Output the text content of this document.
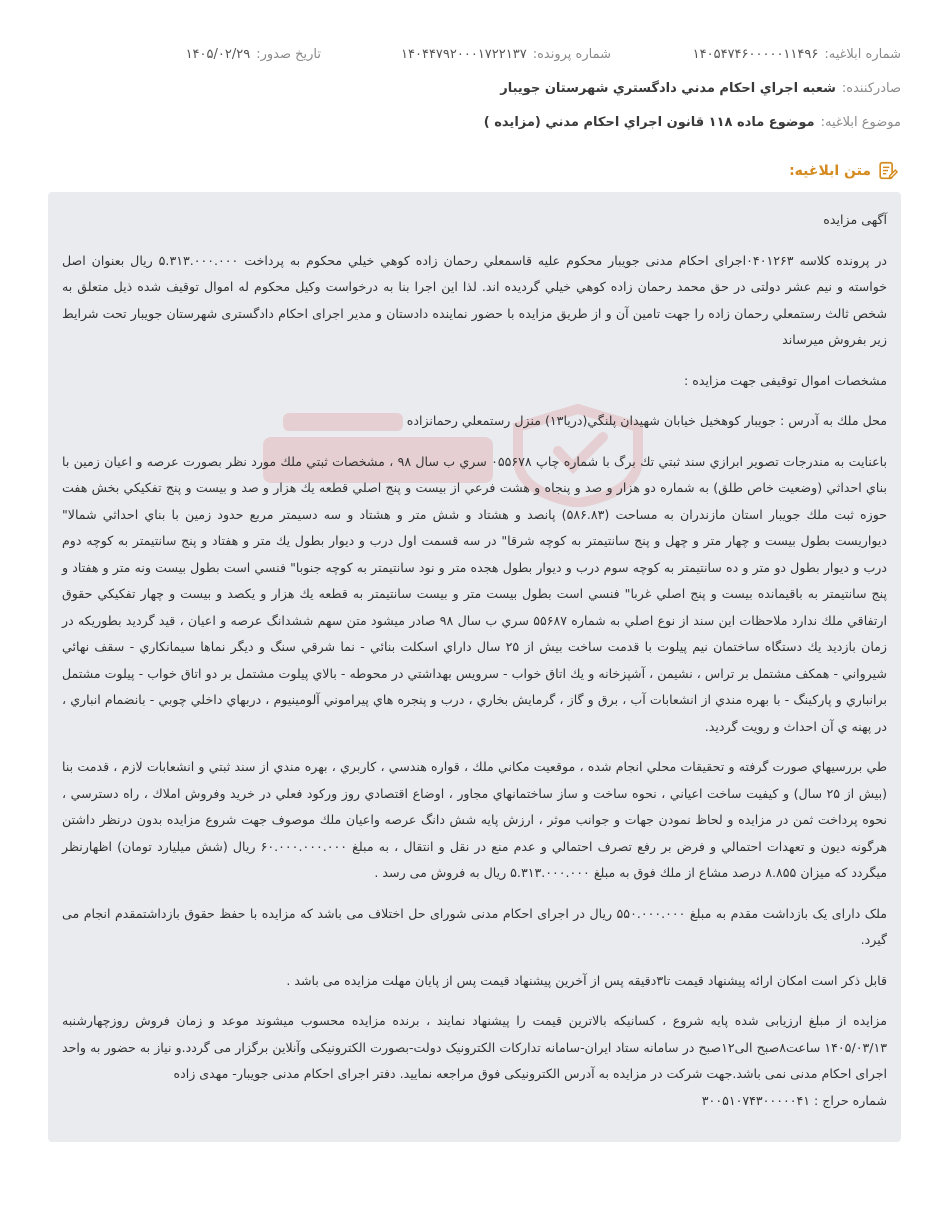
شماره ابلاغیه:
۱۴۰۵۴۷۴۶۰۰۰۰۰۱۱۴۹۶
شماره پرونده:
۱۴۰۴۴۷۹۲۰۰۰۱۷۲۲۱۳۷
تاریخ صدور:
۱۴۰۵/۰۲/۲۹
صادرکننده:
شعبه اجراي احكام مدني دادگستري شهرستان جويبار
موضوع ابلاغیه:
موضوع ماده ۱۱۸ قانون اجراي احكام مدني (مزايده )
متن ابلاغیه:

آگهی مزایده

در پرونده کلاسه ۰۴۰۱۲۶۳اجرای احکام مدنی جویبار محکوم علیه قاسمعلي رحمان زاده كوهي خيلي محكوم به پرداخت ۵.۳۱۳.۰۰۰.۰۰۰ ريال بعنوان اصل خواسته و نیم عشر دولتی در حق محمد رحمان زاده كوهي خيلي گرديده اند. لذا این اجرا بنا به درخواست وکیل محکوم له اموال توقیف شده ذیل متعلق به شخص ثالث رستمعلي رحمان زاده را جهت تامین آن و از طریق مزایده با حضور نماینده دادستان و مدیر اجرای احکام دادگستری شهرستان جویبار تحت شرایط زیر بفروش میرساند

مشخصات اموال توقیفی جهت مزایده :

محل ملك به آدرس : جويبار كوهخيل خيابان شهيدان پلنگي(دريا۱۳) منزل رستمعلي رحمانزاده

باعنايت به مندرجات تصوير ابرازي سند ثبتي تك برگ با شماره چاپ ۰۵۵۶۷۸ سري ب سال ۹۸ ، مشخصات ثبتي ملك مورد نظر بصورت عرصه و اعيان زمين با بناي احداثي (وضعيت خاص طلق) به شماره دو هزار و صد و پنجاه و هشت فرعي از بيست و پنج اصلي قطعه يك هزار و صد و بيست و پنج تفكيكي بخش هفت حوزه ثبت ملك جويبار استان مازندران به مساحت (۵۸۶.۸۳) پانصد و هشتاد و شش متر و هشتاد و سه دسيمتر مربع حدود زمين با بناي احداثي شمالا" ديواريست بطول بيست و چهار متر و چهل و پنج سانتيمتر به كوچه شرقا" در سه قسمت اول درب و ديوار بطول يك متر و هفتاد و پنج سانتيمتر به كوچه دوم درب و ديوار بطول دو متر و ده سانتيمتر به كوچه سوم درب و ديوار بطول هجده متر و نود سانتيمتر به كوچه جنوبا" فنسي است بطول بيست ونه متر و هفتاد و پنج سانتيمتر به باقيمانده بيست و پنج اصلي غربا" فنسي است بطول بيست متر و بيست سانتيمتر به قطعه يك هزار و يكصد و بيست و چهار تفكيكي حقوق ارتفاقي ملك ندارد ملاحظات اين سند از نوع اصلي به شماره ۵۵۶۸۷ سري ب سال ۹۸ صادر ميشود متن سهم ششدانگ عرصه و اعيان ، قيد گرديد بطوريكه در زمان بازديد يك دستگاه ساختمان نيم پيلوت با قدمت ساخت بيش از ۲۵ سال داراي اسكلت بنائي - نما شرقي سنگ و ديگر نماها سيمانكاري - سقف نهائي شيرواني - همكف مشتمل بر تراس ، نشيمن ، آشپزخانه و يك اتاق خواب - سرويس بهداشتي در محوطه - بالاي پيلوت مشتمل بر دو اتاق خواب - پيلوت مشتمل برانباري و پاركينگ - با بهره مندي از انشعابات آب ، برق و گاز ، گرمايش بخاري ، درب و پنجره هاي پيراموني آلومينيوم ، دربهاي داخلي چوبي - بانضمام انباري ، در پهنه ي آن احداث و رويت گرديد.

طي بررسيهاي صورت گرفته و تحقيقات محلي انجام شده ، موقعيت مكاني ملك ، قواره هندسي ، كاربري ، بهره مندي از سند ثبتي و انشعابات لازم ، قدمت بنا (بيش از ۲۵ سال) و كيفيت ساخت اعياني ، نحوه ساخت و ساز ساختمانهاي مجاور ، اوضاع اقتصادي روز وركود فعلي در خريد وفروش املاك ، راه دسترسي ، نحوه پرداخت ثمن در مزايده و لحاظ نمودن جهات و جوانب موثر ، ارزش پايه شش دانگ عرصه واعيان ملك موصوف جهت شروع مزايده بدون درنظر داشتن هرگونه ديون و تعهدات احتمالي و فرض بر رفع تصرف احتمالي و عدم منع در نقل و انتقال ، به مبلغ ۶۰.۰۰۰.۰۰۰.۰۰۰ ريال (شش ميليارد تومان) اظهارنظر ميگردد كه ميزان ۸.۸۵۵ درصد مشاع از ملك فوق به مبلغ ۵.۳۱۳.۰۰۰.۰۰۰ ريال به فروش می رسد .

ملک دارای یک بازداشت مقدم به مبلغ ۵۵۰.۰۰۰.۰۰۰ ريال در اجرای احکام مدنی شورای حل اختلاف می باشد که مزایده با حفظ حقوق بازداشتمقدم انجام می گیرد.

قابل ذکر است امکان ارائه پیشنهاد قیمت تا۳دقیقه پس از آخرین پیشنهاد قیمت پس از پایان مهلت مزایده می باشد .

مزایده از مبلغ ارزیابی شده پایه شروع ، کسانیکه بالاترین قیمت را پیشنهاد نمایند ، برنده مزایده محسوب میشوند موعد و زمان فروش روزچهارشنبه ۱۴۰۵/۰۳/۱۳ ساعت۸صبح الی۱۲صبح در سامانه ستاد ایران-سامانه تدارکات الکترونیک دولت-بصورت الکترونیکی وآنلاین برگزار می گردد.و نیاز به حضور به واحد اجرای احکام مدنی نمی باشد.جهت شرکت در مزایده به آدرس الکترونیکی فوق مراجعه نمایید. دفتر اجرای احکام مدنی جویبار- مهدی زاده

شماره حراج : ۳۰۰۵۱۰۷۴۳۰۰۰۰۰۴۱
